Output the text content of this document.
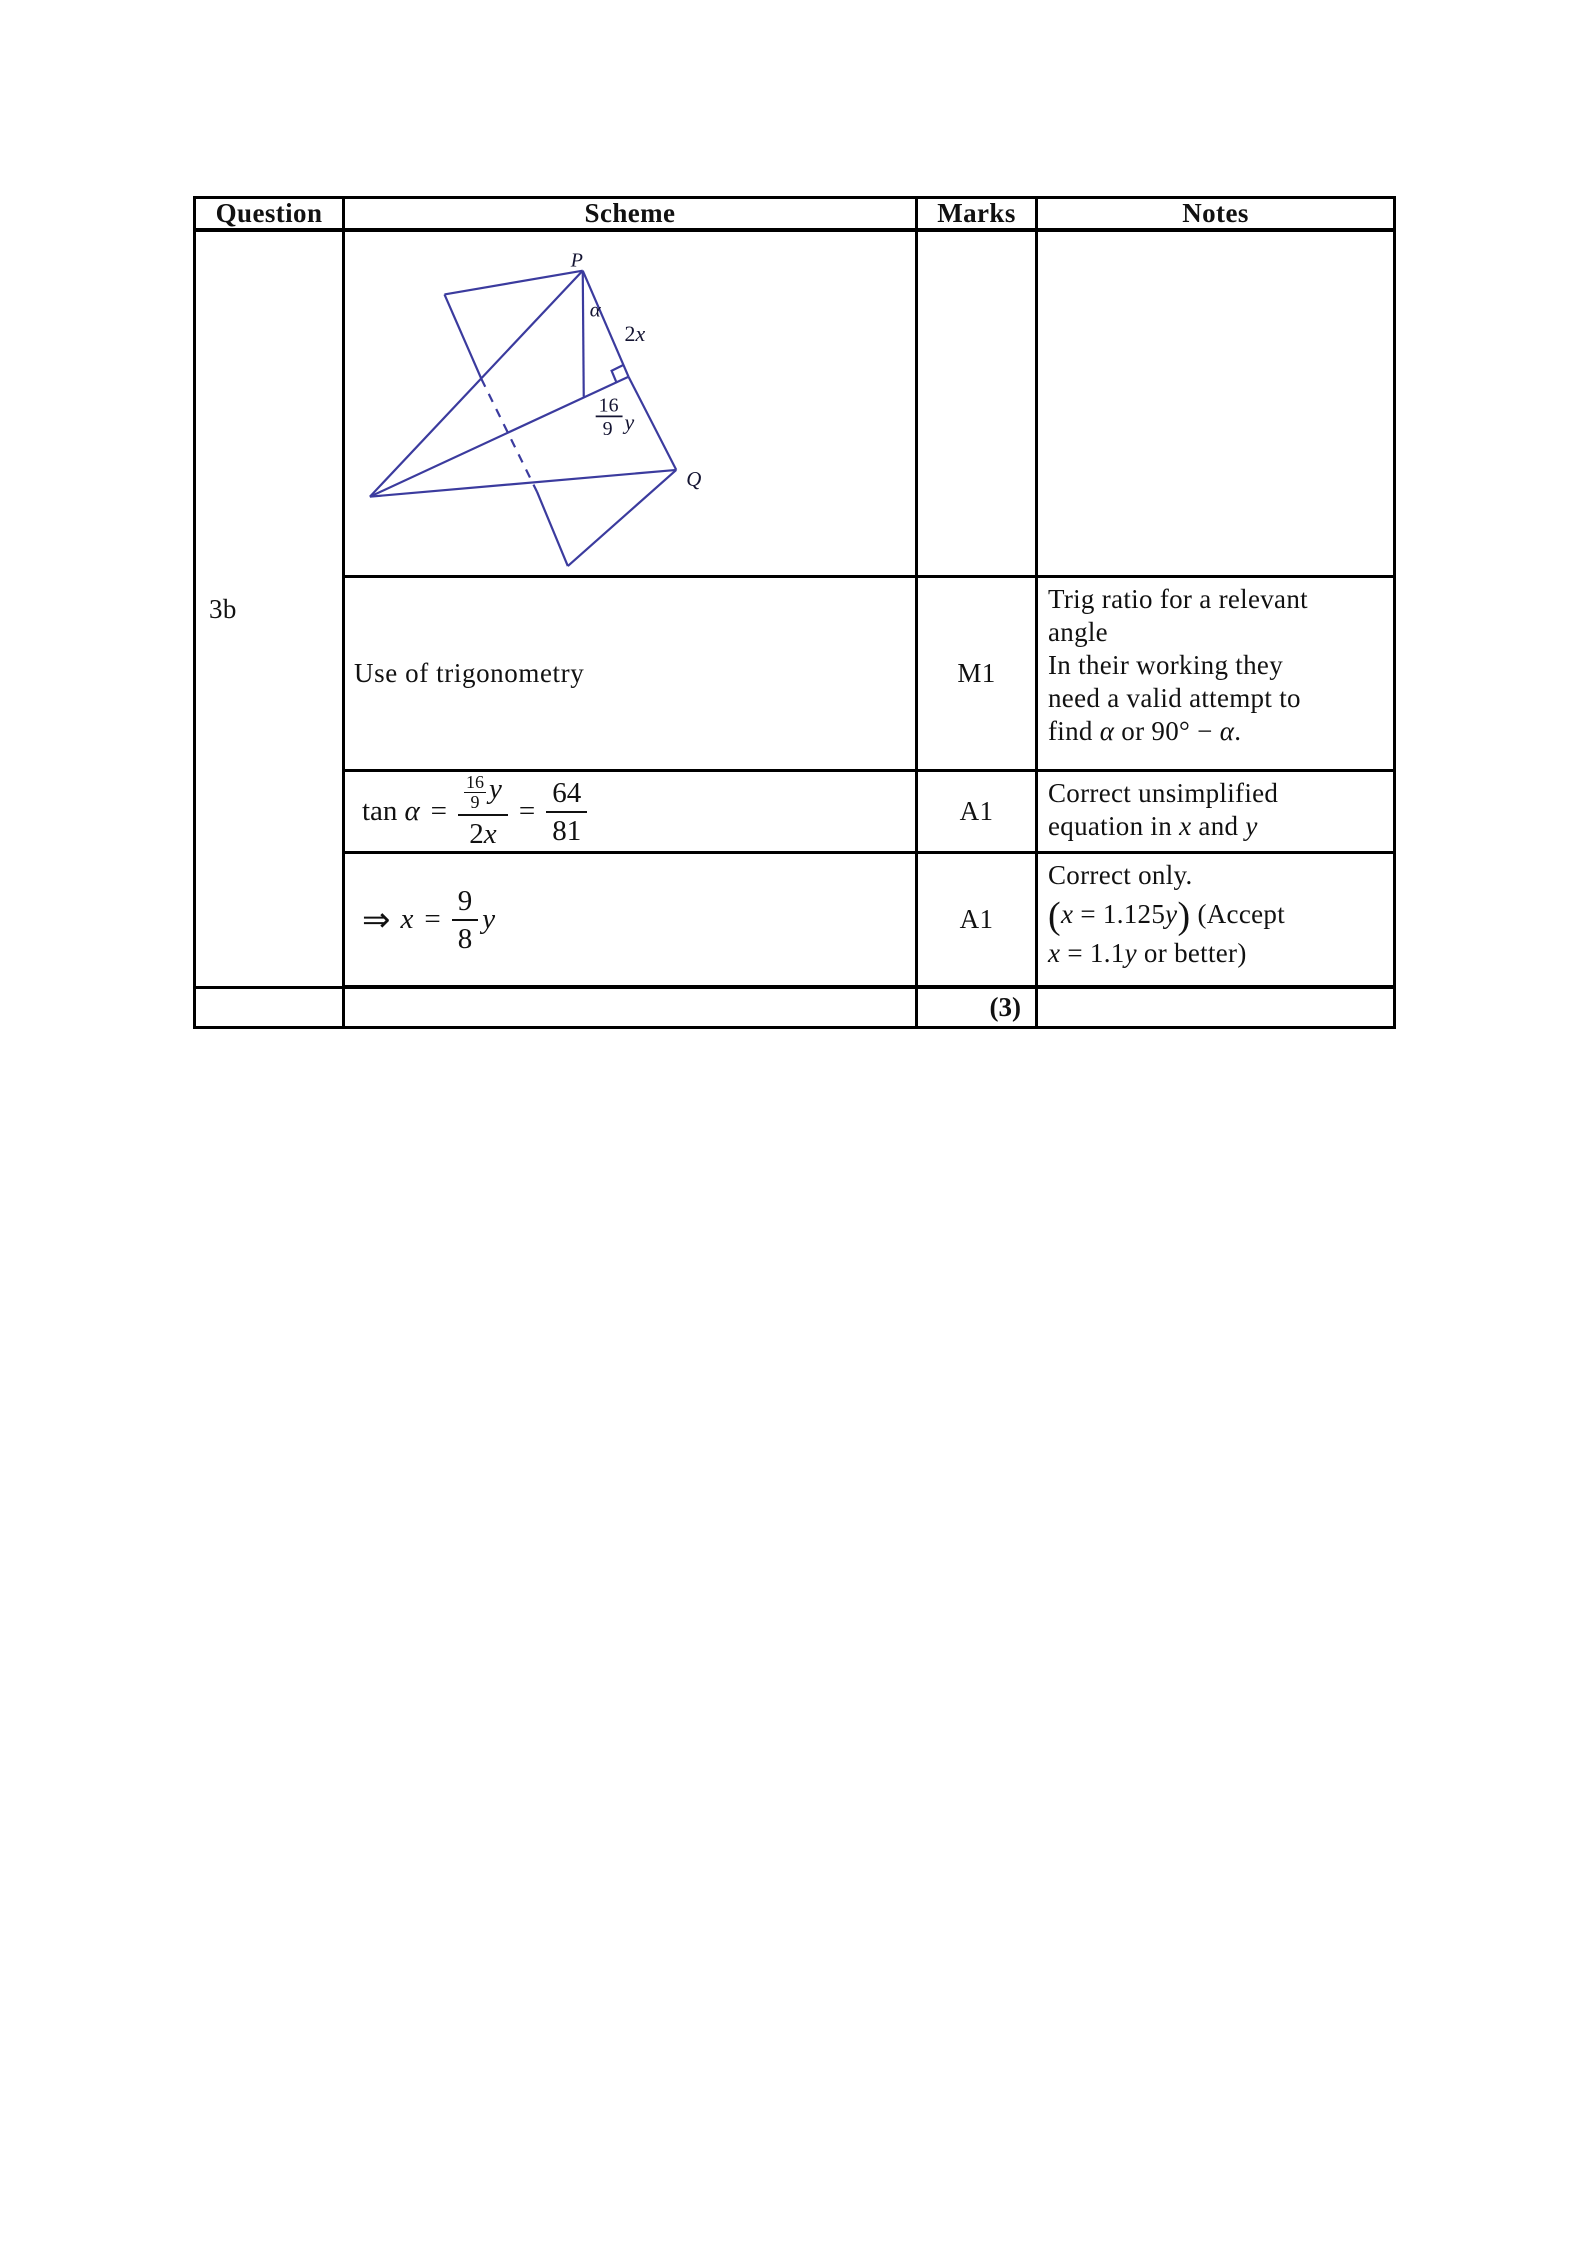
Question	Scheme	Marks	Notes
3b
P
α
2x
16
9 y
Q
Use of trigonometry	M1
Trig ratio for a relevant
angle
In their working they
need a valid attempt to
find α or 90° − α.
$\tan \alpha = \frac{\frac{16}{9} y}{2x} = \frac{64}{81}$	A1
Correct unsimplified
equation in x and y
⇒ $x = \frac{9}{8}$ y	A1
Correct only.
(x = 1.125y) (Accept
x = 1.1y or better)
(3)
